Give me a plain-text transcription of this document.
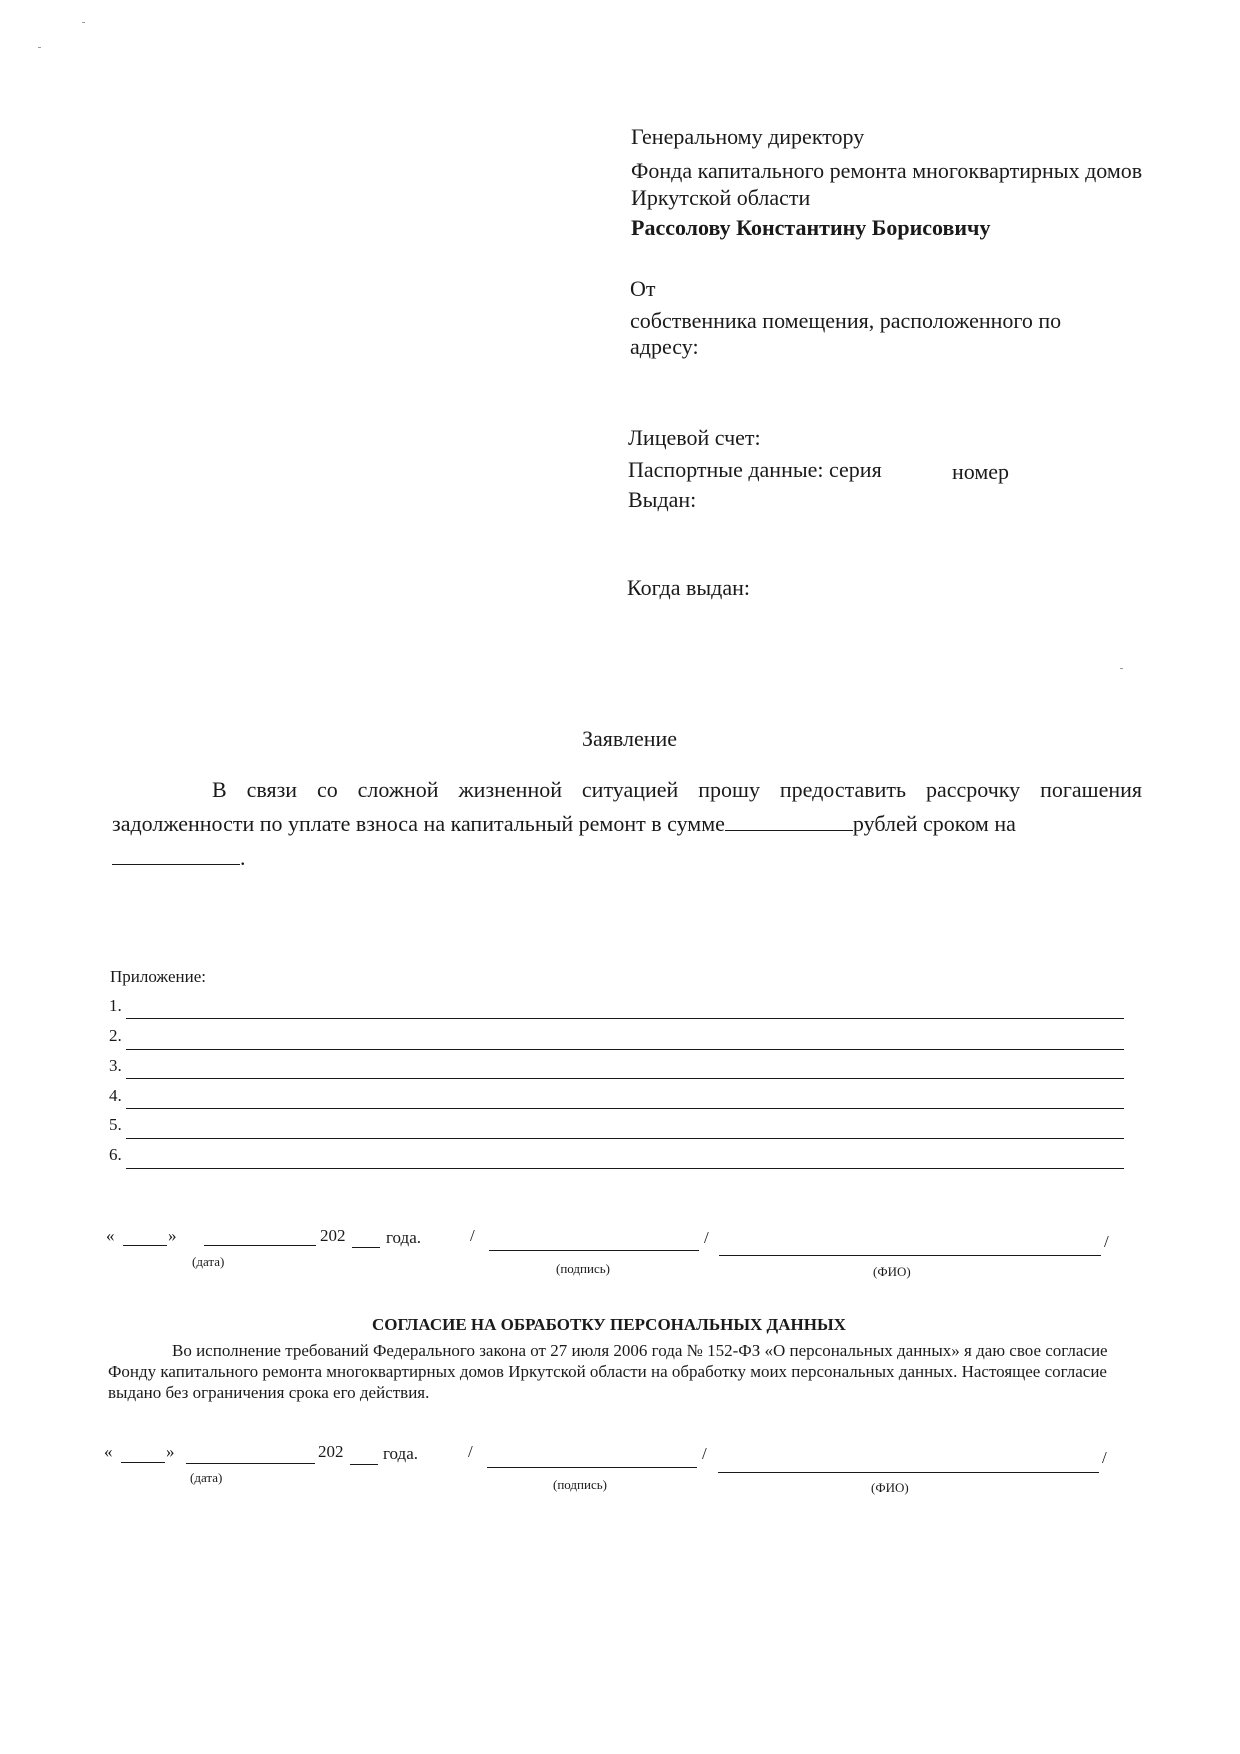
Генеральному директору
Фонда капитального ремонта многоквартирных домов
Иркутской области
Рассолову Константину Борисовичу
От
собственника помещения, расположенного по
адресу:
Лицевой счет:
Паспортные данные: серия	номер
Выдан:
Когда выдан:
Заявление
В связи со сложной жизненной ситуацией прошу предоставить рассрочку погашения задолженности по уплате взноса на капитальный ремонт в сумме	рублей сроком на
.
Приложение:
1.
2.
3.
4.
5.
6.
«	»	202 года.	/	/	/
(дата)	(подпись)	(ФИО)
СОГЛАСИЕ НА ОБРАБОТКУ ПЕРСОНАЛЬНЫХ ДАННЫХ
Во исполнение требований Федерального закона от 27 июля 2006 года № 152-ФЗ «О персональных данных» я даю свое согласие Фонду капитального ремонта многоквартирных домов Иркутской области на обработку моих персональных данных. Настоящее согласие выдано без ограничения срока его действия.
«	»	202 года.	/	/	/
(дата)	(подпись)	(ФИО)
